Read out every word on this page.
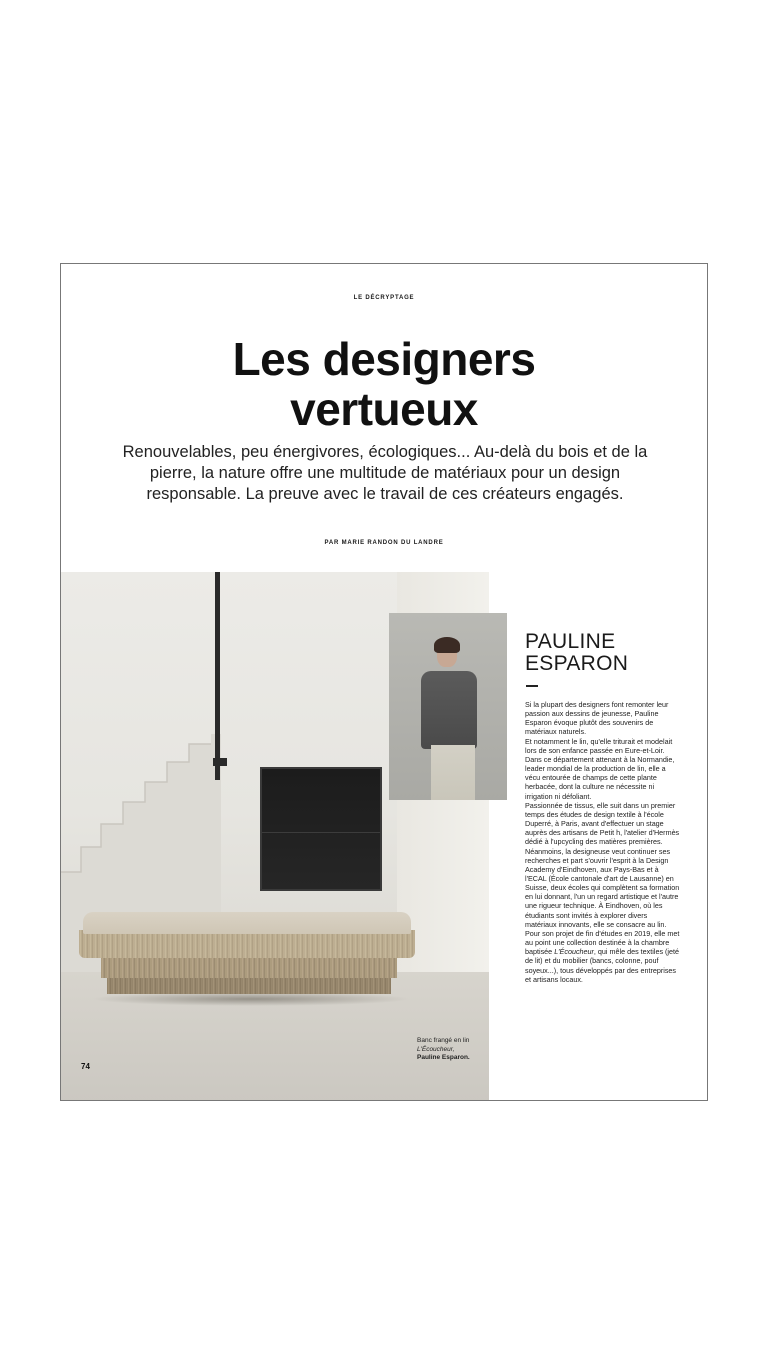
LE DÉCRYPTAGE
Les designers
vertueux
Renouvelables, peu énergivores, écologiques... Au-delà du bois et de la pierre, la nature offre une multitude de matériaux pour un design responsable. La preuve avec le travail de ces créateurs engagés.
PAR MARIE RANDON DU LANDRE
Banc frangé en lin
L'Écoucheur,
Pauline Esparon.
74
PAULINE
ESPARON

Si la plupart des designers font remonter leur passion aux dessins de jeunesse, Pauline Esparon évoque plutôt des souvenirs de matériaux naturels.

Et notamment le lin, qu'elle triturait et modelait lors de son enfance passée en Eure-et-Loir. Dans ce département attenant à la Normandie, leader mondial de la production de lin, elle a vécu entourée de champs de cette plante herbacée, dont la culture ne nécessite ni irrigation ni défoliant.

Passionnée de tissus, elle suit dans un premier temps des études de design textile à l'école Duperré, à Paris, avant d'effectuer un stage auprès des artisans de Petit h, l'atelier d'Hermès dédié à l'upcycling des matières premières. Néanmoins, la designeuse veut continuer ses recherches et part s'ouvrir l'esprit à la Design Academy d'Eindhoven, aux Pays-Bas et à l'ECAL (École cantonale d'art de Lausanne) en Suisse, deux écoles qui complètent sa formation en lui donnant, l'un un regard artistique et l'autre une rigueur technique. À Eindhoven, où les étudiants sont invités à explorer divers matériaux innovants, elle se consacre au lin. Pour son projet de fin d'études en 2019, elle met au point une collection destinée à la chambre baptisée L'Écoucheur, qui mêle des textiles (jeté de lit) et du mobilier (bancs, colonne, pouf soyeux...), tous développés par des entreprises et artisans locaux.
